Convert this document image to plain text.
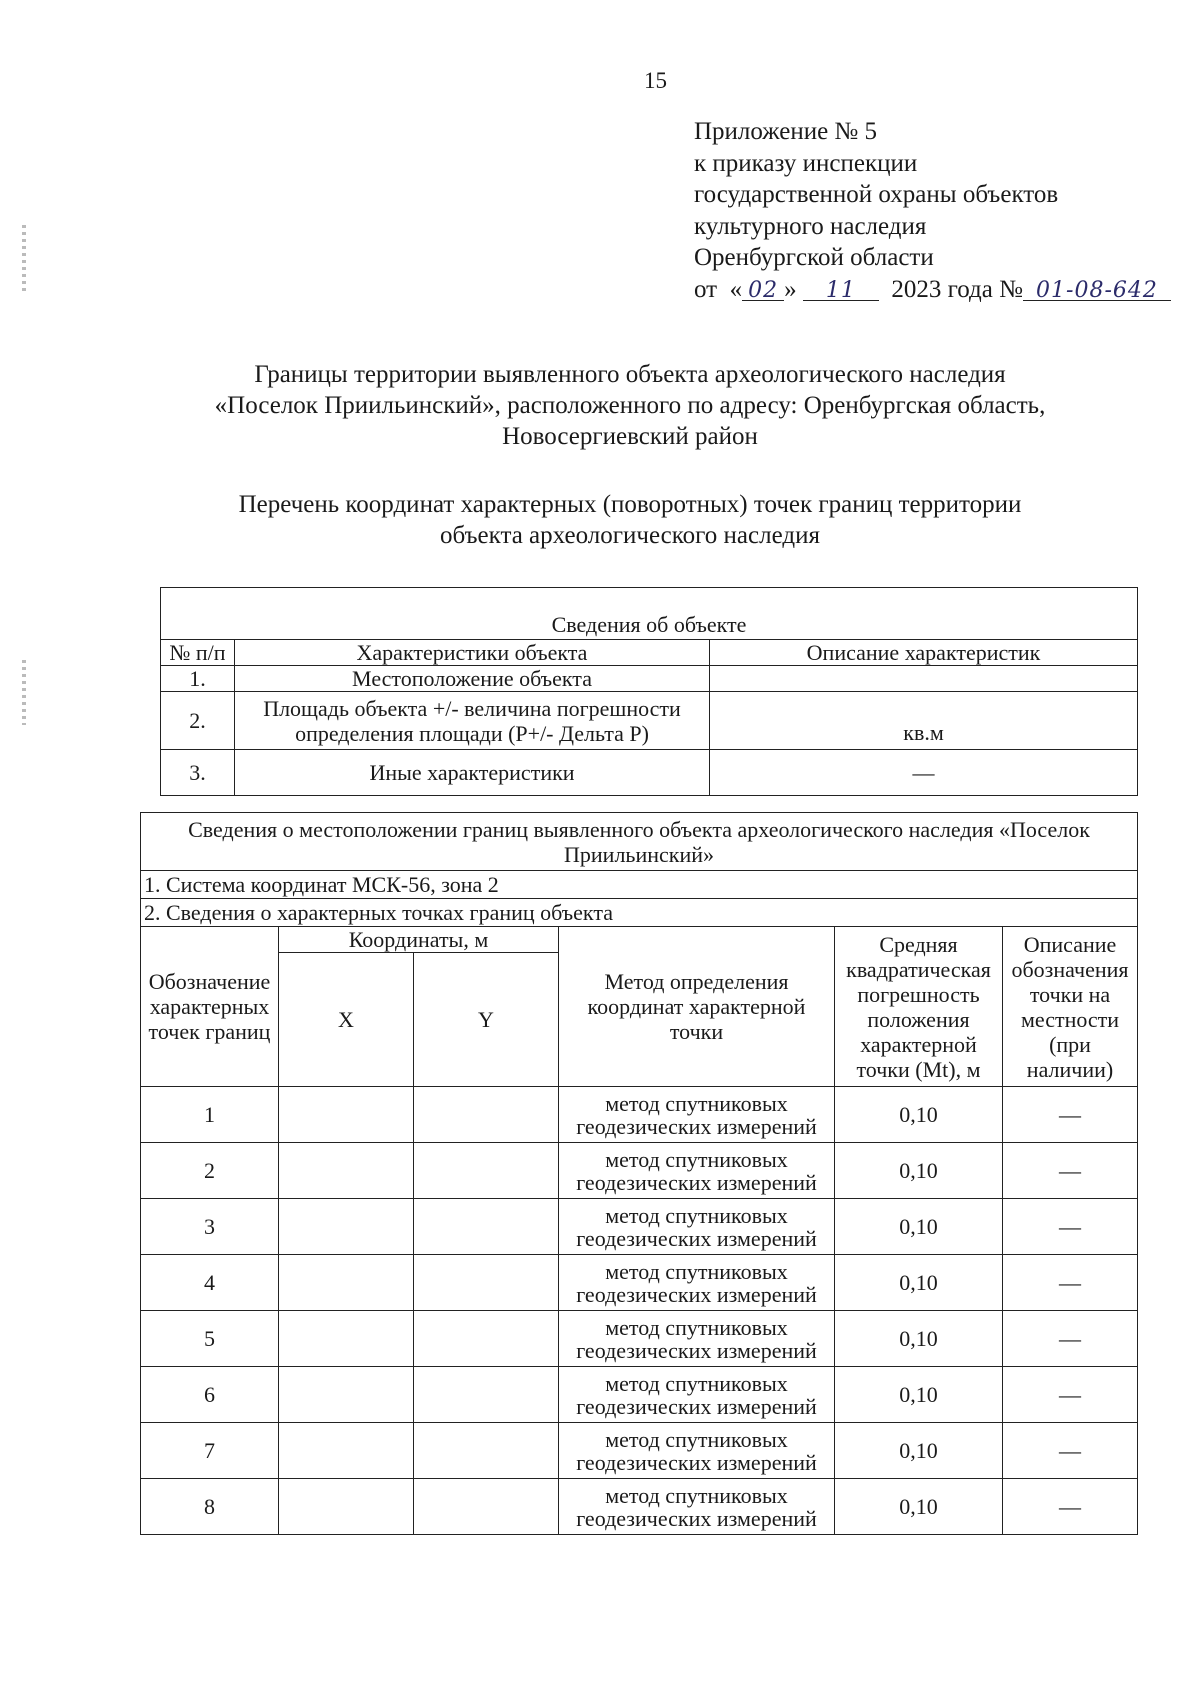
15
Приложение № 5
к приказу инспекции
государственной охраны объектов
культурного наследия
Оренбургской области
от  « 02 » 11 2023 года № 01-08-642
Границы территории выявленного объекта археологического наследия
«Поселок Приильинский», расположенного по адресу: Оренбургская область,
Новосергиевский район
Перечень координат характерных (поворотных) точек границ территории
объекта археологического наследия
Сведения об объекте		
№ п/п	Характеристики объекта	Описание характеристик
1.	Местоположение объекта	
2.	Площадь объекта +/- величина погрешности определения площади (P+/- Дельта P)	кв.м
3.	Иные характеристики	—
Сведения о местоположении границ выявленного объекта археологического наследия «Поселок Приильинский»					
1. Система координат МСК-56, зона 2					
2. Сведения о характерных точках границ объекта					
Обозначение характерных точек границ	Координаты, м		Метод определения координат характерной точки	Средняя квадратическая погрешность положения характерной точки (Mt), м	Описание обозначения точки на местности (при наличии)
	X	Y			
1			метод спутниковых геодезических измерений	0,10	—
2			метод спутниковых геодезических измерений	0,10	—
3			метод спутниковых геодезических измерений	0,10	—
4			метод спутниковых геодезических измерений	0,10	—
5			метод спутниковых геодезических измерений	0,10	—
6			метод спутниковых геодезических измерений	0,10	—
7			метод спутниковых геодезических измерений	0,10	—
8			метод спутниковых геодезических измерений	0,10	—
